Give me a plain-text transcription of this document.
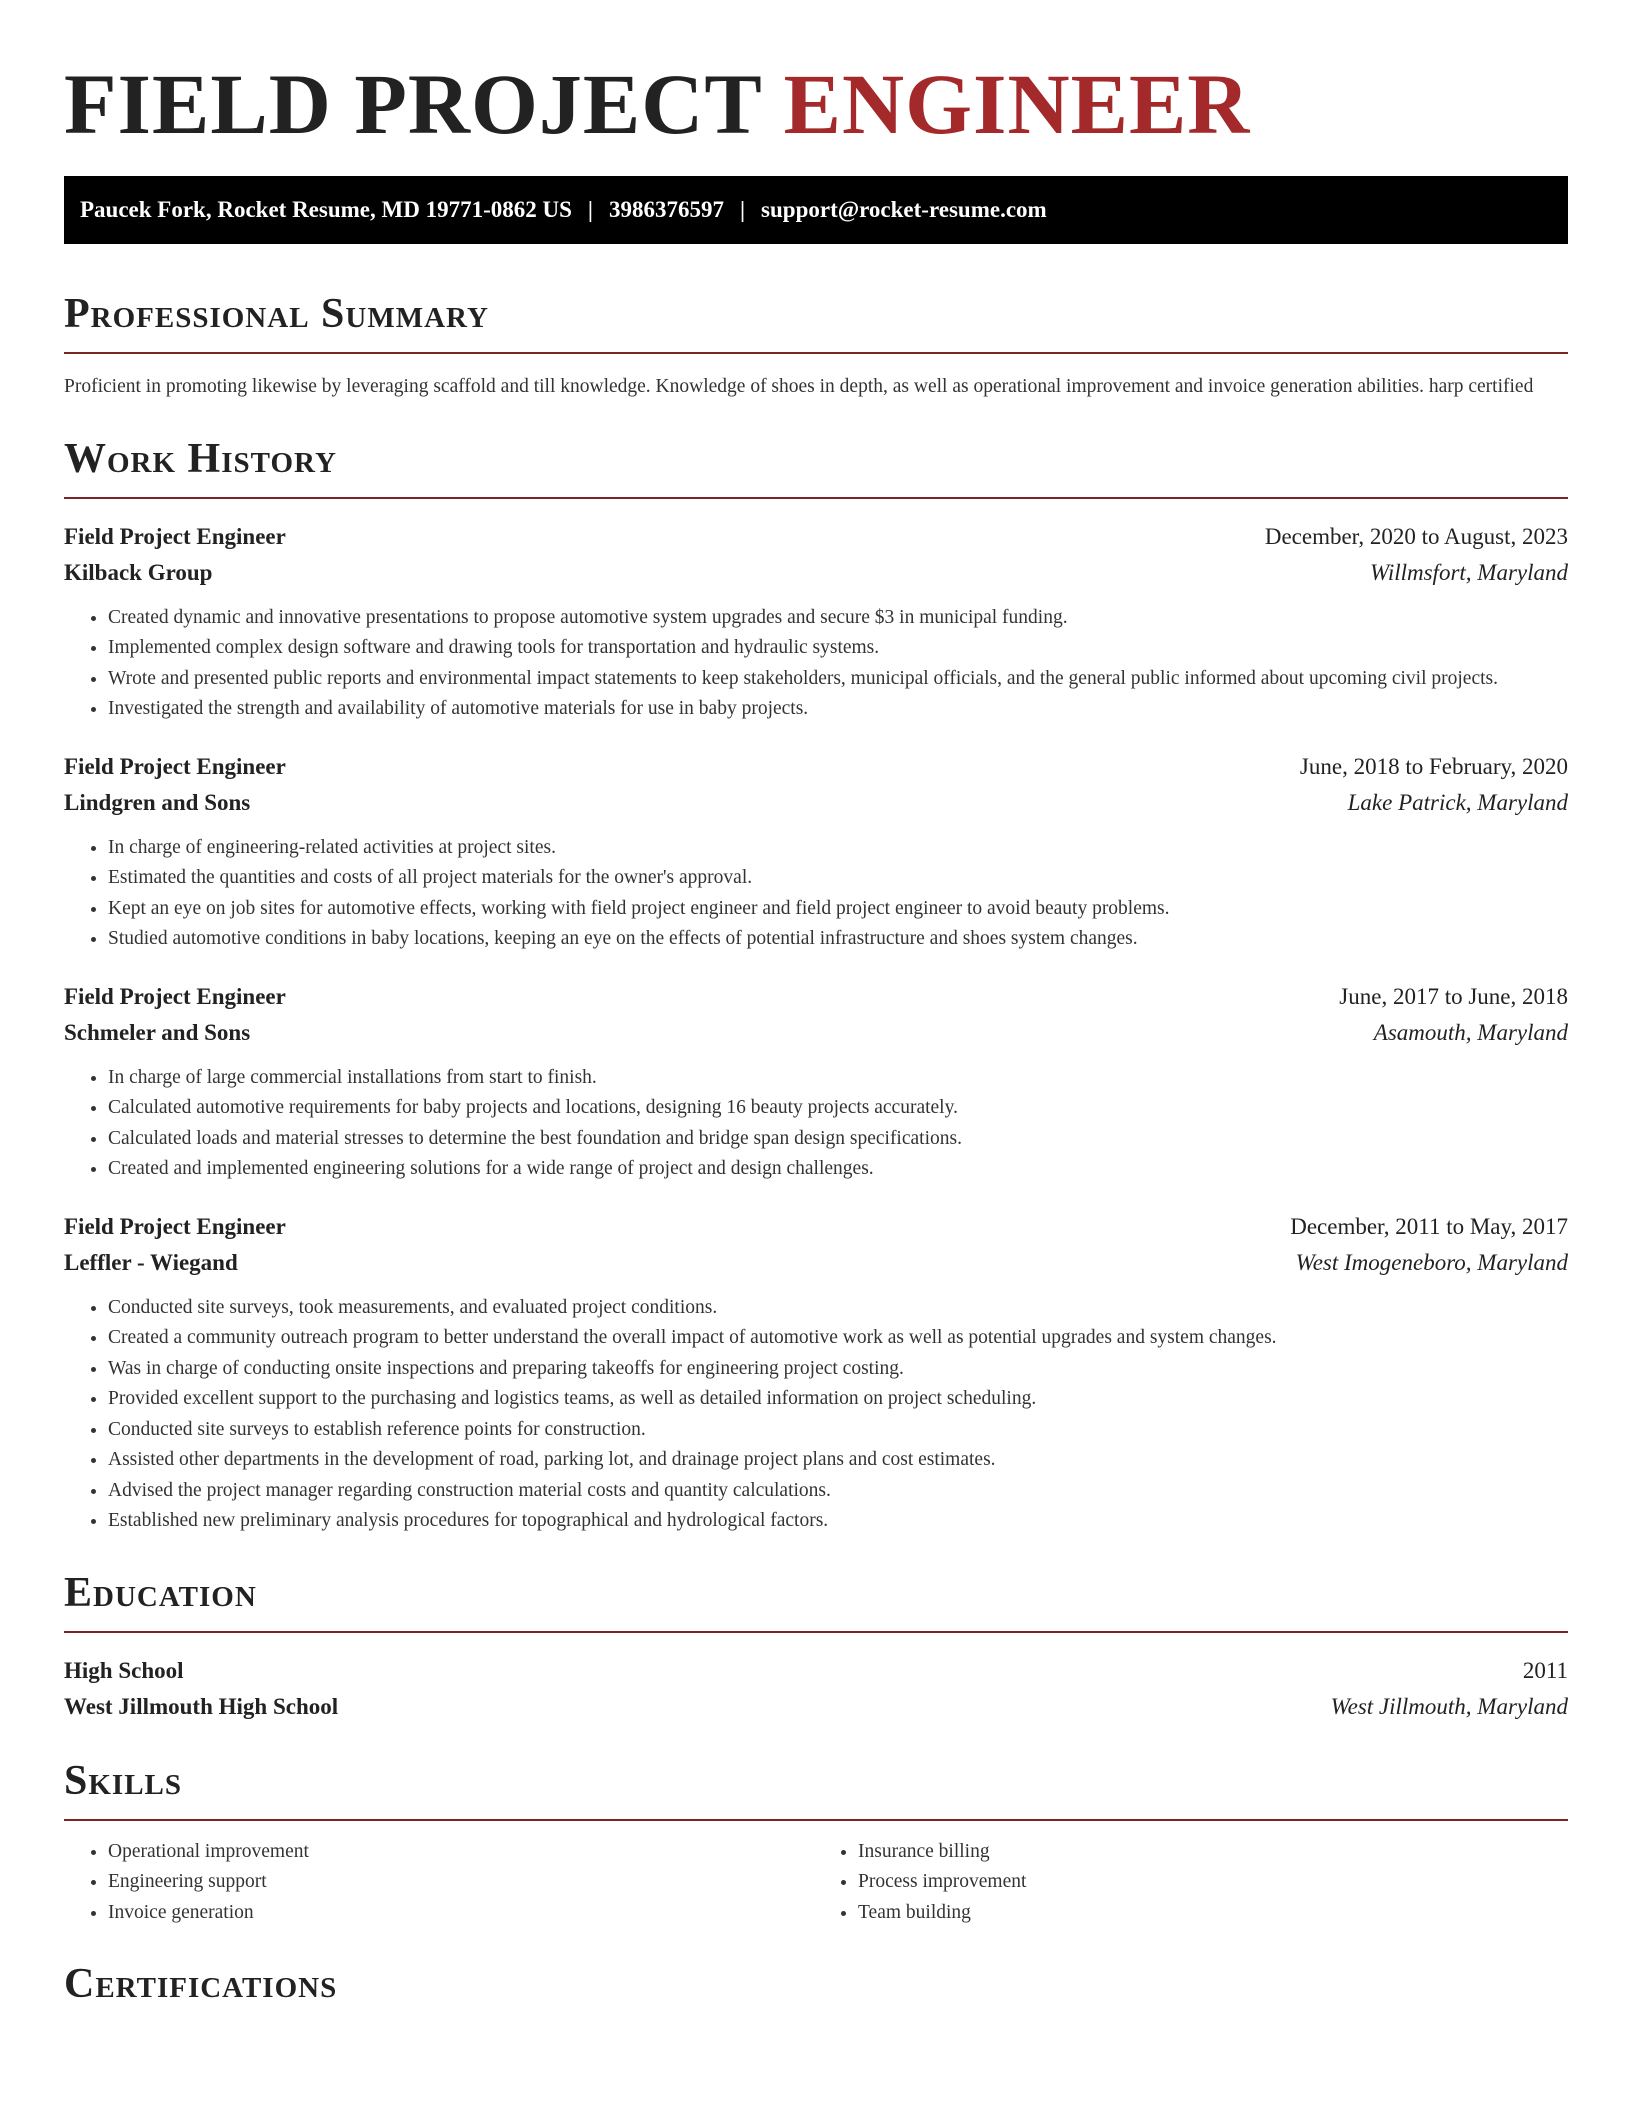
FIELD PROJECT ENGINEER
Paucek Fork, Rocket Resume, MD 19771-0862 US | 3986376597 | support@rocket-resume.com
Professional Summary

Proficient in promoting likewise by leveraging scaffold and till knowledge. Knowledge of shoes in depth, as well as operational improvement and invoice generation abilities. harp certified

Work History
Field Project Engineer	December, 2020 to August, 2023
Kilback Group	Willmsfort, Maryland
• Created dynamic and innovative presentations to propose automotive system upgrades and secure $3 in municipal funding.
• Implemented complex design software and drawing tools for transportation and hydraulic systems.
• Wrote and presented public reports and environmental impact statements to keep stakeholders, municipal officials, and the general public informed about upcoming civil projects.
• Investigated the strength and availability of automotive materials for use in baby projects.
Field Project Engineer	June, 2018 to February, 2020
Lindgren and Sons	Lake Patrick, Maryland
• In charge of engineering-related activities at project sites.
• Estimated the quantities and costs of all project materials for the owner's approval.
• Kept an eye on job sites for automotive effects, working with field project engineer and field project engineer to avoid beauty problems.
• Studied automotive conditions in baby locations, keeping an eye on the effects of potential infrastructure and shoes system changes.
Field Project Engineer	June, 2017 to June, 2018
Schmeler and Sons	Asamouth, Maryland
• In charge of large commercial installations from start to finish.
• Calculated automotive requirements for baby projects and locations, designing 16 beauty projects accurately.
• Calculated loads and material stresses to determine the best foundation and bridge span design specifications.
• Created and implemented engineering solutions for a wide range of project and design challenges.
Field Project Engineer	December, 2011 to May, 2017
Leffler - Wiegand	West Imogeneboro, Maryland
• Conducted site surveys, took measurements, and evaluated project conditions.
• Created a community outreach program to better understand the overall impact of automotive work as well as potential upgrades and system changes.
• Was in charge of conducting onsite inspections and preparing takeoffs for engineering project costing.
• Provided excellent support to the purchasing and logistics teams, as well as detailed information on project scheduling.
• Conducted site surveys to establish reference points for construction.
• Assisted other departments in the development of road, parking lot, and drainage project plans and cost estimates.
• Advised the project manager regarding construction material costs and quantity calculations.
• Established new preliminary analysis procedures for topographical and hydrological factors.
Education
High School	2011
West Jillmouth High School	West Jillmouth, Maryland
Skills
• Operational improvement
• Engineering support
• Invoice generation
• Insurance billing
• Process improvement
• Team building
Certifications
